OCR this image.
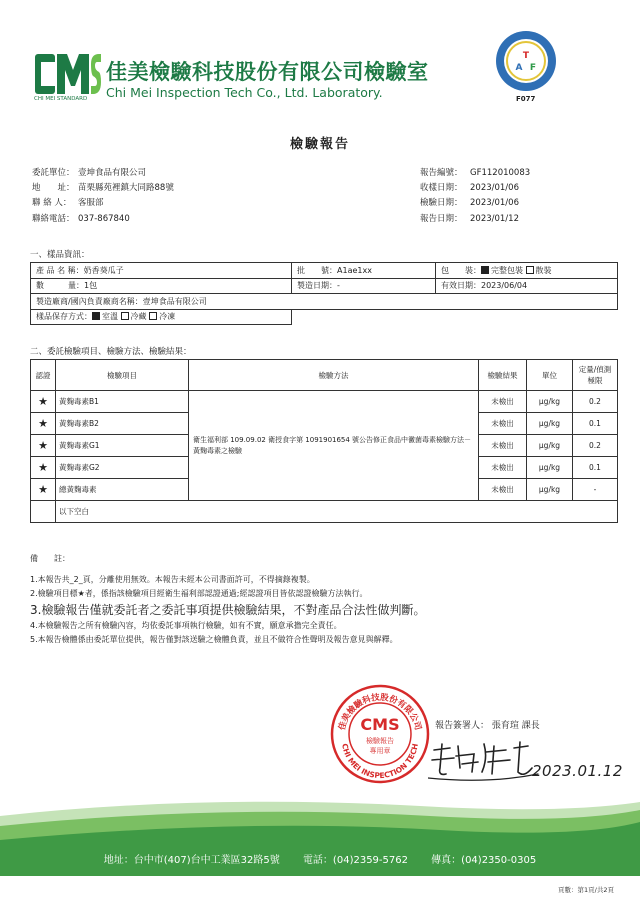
CHI MEI STANDARD
佳美檢驗科技股份有限公司檢驗室
Chi Mei Inspection Tech Co., Ltd. Laboratory.
T
A F
F077
檢驗報告
委託單位： 壹坤食品有限公司
地　　址： 苗栗縣苑裡鎮大同路88號
聯 絡 人： 客服部
聯絡電話： 037-867840
報告編號： GF112010083
收樣日期： 2023/01/06
檢驗日期： 2023/01/06
報告日期： 2023/01/12
一、樣品資訊：
產 品 名 稱：奶香葵瓜子	批　　號：A1ae1xx	包　　裝： 完整包裝 散裝
數　　　量：1包	製造日期：-	有效日期：2023/06/04
製造廠商/國內負責廠商名稱：壹坤食品有限公司		
樣品保存方式： 室溫 冷藏 冷凍		
二、委託檢驗項目、檢驗方法、檢驗結果：
認證	檢驗項目	檢驗方法	檢驗結果	單位	定量/偵測極限
★	黃麴毒素B1	衛生福利部 109.09.02 衛授食字第 1091901654 號公告修正食品中黴菌毒素檢驗方法－黃麴毒素之檢驗	未檢出	μg/kg	0.2
★	黃麴毒素B2		未檢出	μg/kg	0.1
★	黃麴毒素G1		未檢出	μg/kg	0.2
★	黃麴毒素G2		未檢出	μg/kg	0.1
★	總黃麴毒素		未檢出	μg/kg	-
	以下空白				
備　　註：
1.本報告共_2_頁，分離使用無效。本報告未經本公司書面許可，不得摘錄複製。
2.檢驗項目標★者，係指該檢驗項目經衛生福利部認證通過;經認證項目皆依認證檢驗方法執行。
3.檢驗報告僅就委託者之委託事項提供檢驗結果，不對產品合法性做判斷。
4.本檢驗報告之所有檢驗內容，均依委託事項執行檢驗，如有不實，願意承擔完全責任。
5.本報告檢體係由委託單位提供，報告僅對該送驗之檢體負責，並且不做符合性聲明及報告意見與解釋。
佳美檢驗科技股份有限公司
CHI MEI INSPECTION TECH
CMS
檢驗報告
專用章
報告簽署人： 張育瑄 課長
2023.01.12
地址：台中市(407)台中工業區32路5號 電話：(04)2359-5762 傳真：(04)2350-0305
頁數：第1頁/共2頁
